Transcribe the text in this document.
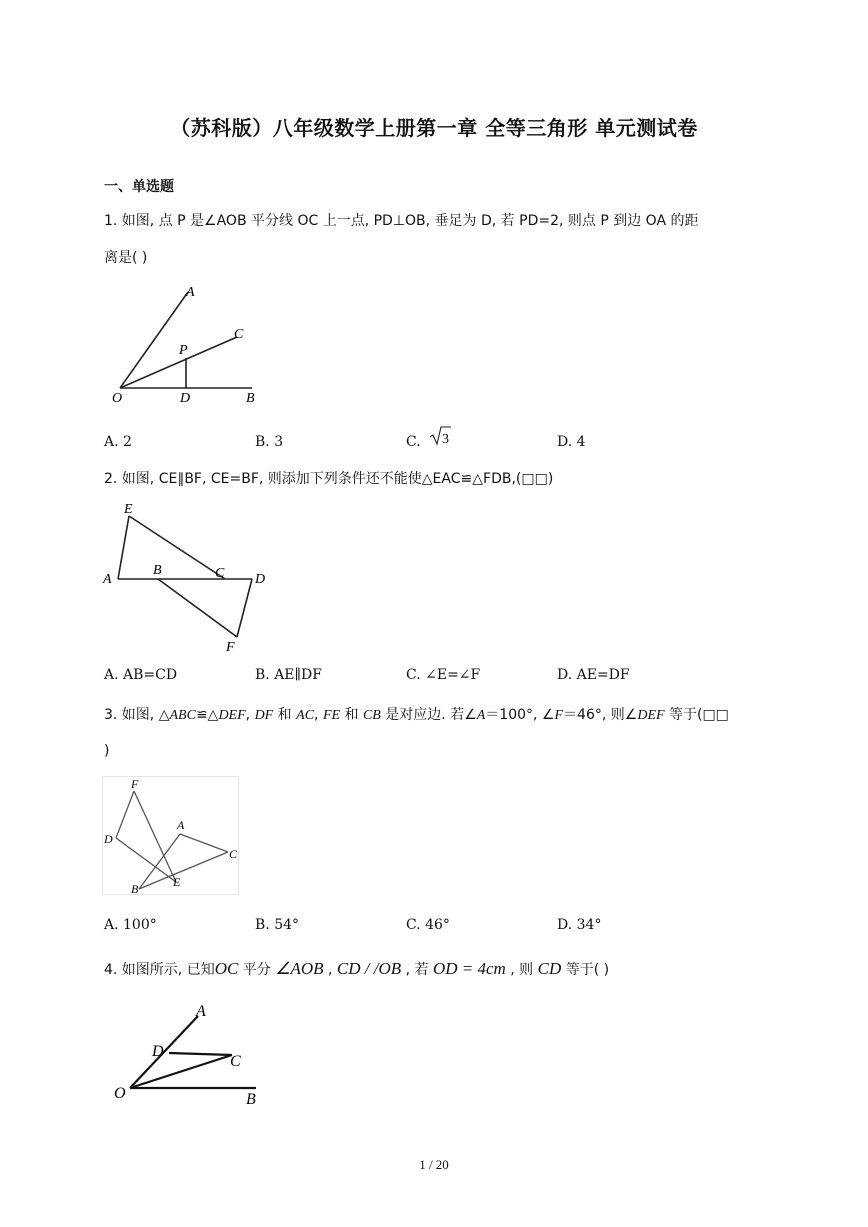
（苏科版）八年级数学上册第一章 全等三角形 单元测试卷
一、单选题
1. 如图, 点 P 是∠AOB 平分线 OC 上一点, PD⊥OB, 垂足为 D, 若 PD=2, 则点 P 到边 OA 的距
离是( )
A
C
P
O	D	B
A. 2	B. 3	C. 3	D. 4
2. 如图, CE∥BF, CE=BF, 则添加下列条件还不能使△EAC≌△FDB,(□□)
E
A
B	C D
F
A. AB=CD	B. AE∥DF	C. ∠E=∠F	D. AE=DF
3. 如图, △ABC≌△DEF, DF 和 AC, FE 和 CB 是对应边. 若∠A＝100°, ∠F＝46°, 则∠DEF 等于(□□
)
F
D
A
C
B	E
A. 100°	B. 54°	C. 46°	D. 34°
4. 如图所示, 已知OC 平分 ∠AOB , CD / /OB , 若 OD = 4cm , 则 CD 等于( )
A
D
C
O	B
1 / 20
